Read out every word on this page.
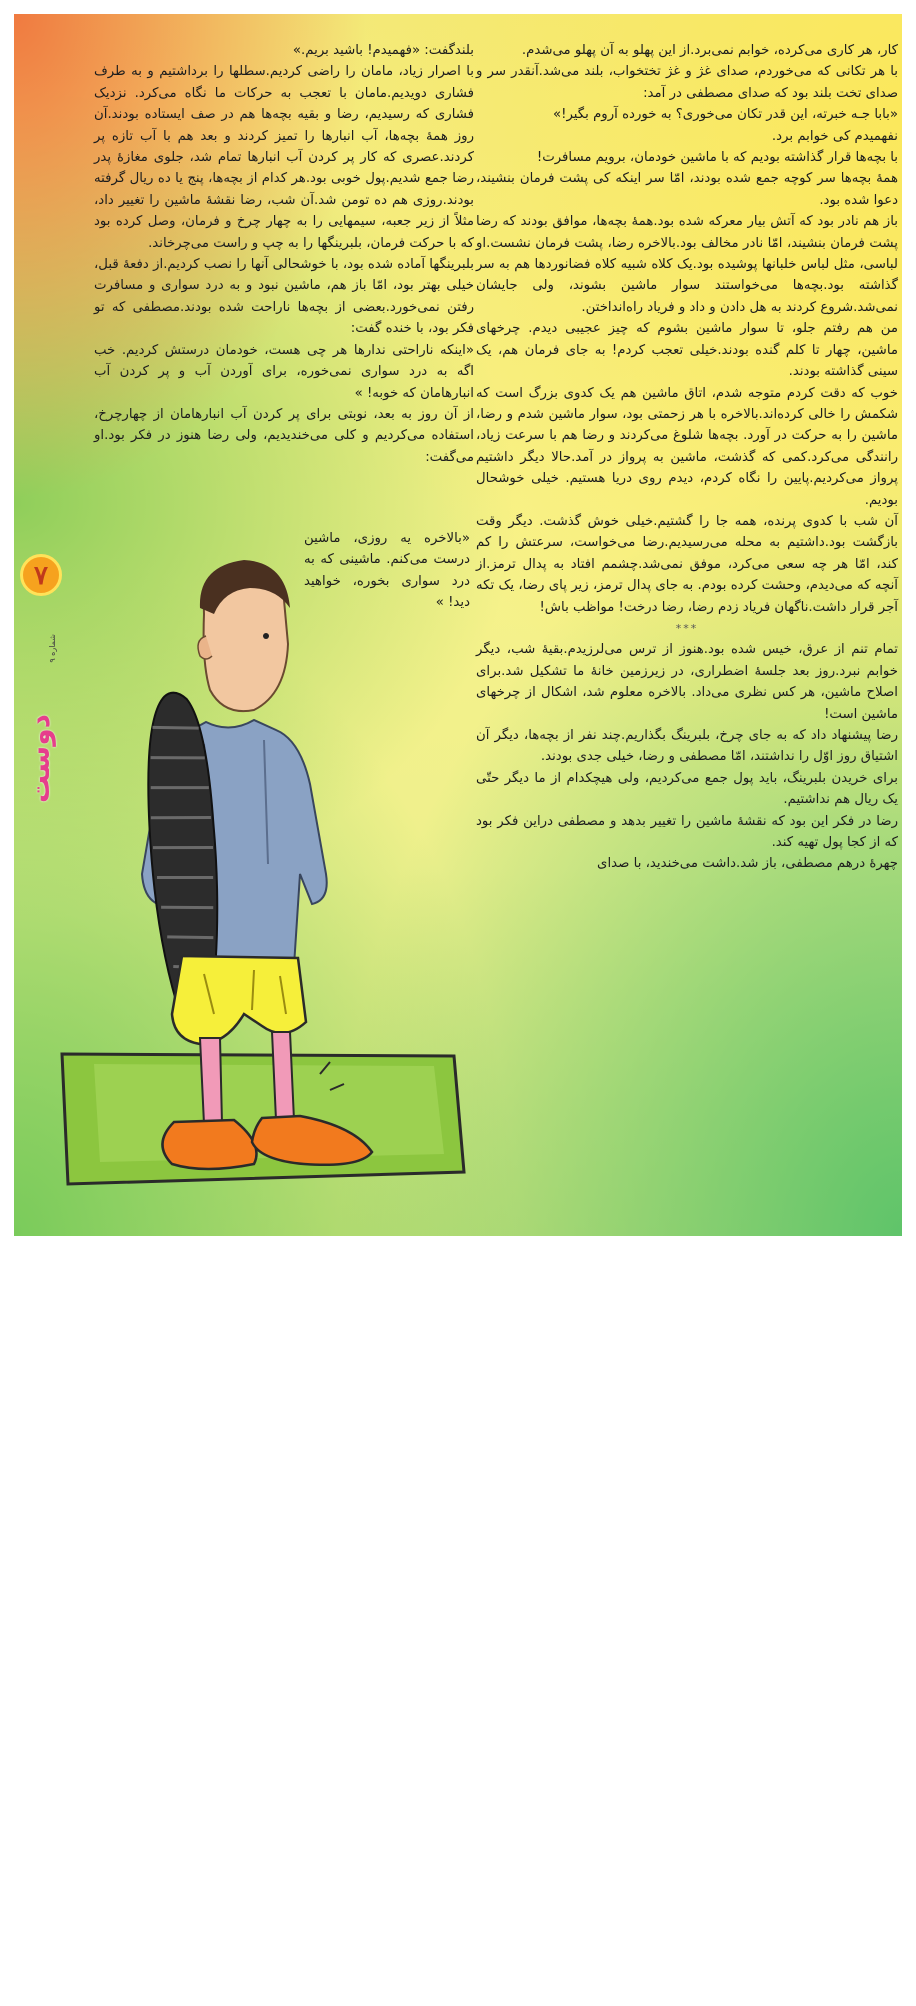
کار، هر کاری می‌کرده، خوابم نمی‌برد.از این پهلو به آن پهلو می‌شدم.

با هر تکانی که می‌خوردم، صدای غژ و غژ تختخواب، بلند می‌شد.آنقدر سر و صدای تخت بلند بود که صدای مصطفی در آمد:

«بابا جـه خبرته، این قدر تکان می‌خوری؟ به خورده آروم بگیر!»

نفهمیدم کی خوابم برد.

با بچه‌ها قرار گذاشته بودیم که با ماشین خودمان، برویم مسافرت!

همهٔ بچه‌ها سر کوچه جمع شده بودند، امّا سر اینکه کی پشت فرمان بنشیند، دعوا شده بود.

باز هم نادر بود که آتش بیار معرکه شده بود.همهٔ بچه‌ها، موافق بودند که رضا پشت فرمان بنشیند، امّا نادر مخالف بود.بالاخره رضا، پشت فرمان نشست.او لباسی، مثل لباس خلبانها پوشیده بود.یک کلاه شبیه کلاه فضانوردها هم به سر گذاشته بود.بچه‌ها می‌خواستند سوار ماشین بشوند، ولی جایشان نمی‌شد.شروع کردند به هل دادن و داد و فریاد راه‌انداختن.

من هم رفتم جلو، تا سوار ماشین بشوم که چیز عجیبی دیدم. چرخهای ماشین، چهار تا کلم گنده بودند.خیلی تعجب کردم! به جای فرمان هم، یک سینی گذاشته بودند.

خوب که دقت کردم متوجه شدم، اتاق ماشین هم یک کدوی بزرگ است که شکمش را خالی کرده‌اند.بالاخره با هر زحمتی بود، سوار ماشین شدم و رضا، ماشین را به حرکت در آورد. بچه‌ها شلوغ می‌کردند و رضا هم با سرعت زیاد، رانندگی می‌کرد.کمی که گذشت، ماشین به پرواز در آمد.حالا دیگر داشتیم پرواز می‌کردیم.پایین را نگاه کردم، دیدم روی دریا هستیم. خیلی خوشحال بودیم.

آن شب با کدوی پرنده، همه جا را گشتیم.خیلی خوش گذشت. دیگر وقت بازگشت بود.داشتیم به محله می‌رسیدیم.رضا می‌خواست، سرعتش را کم کند، امّا هر چه سعی می‌کرد، موفق نمی‌شد.چشمم افتاد به پدال ترمز.از آنچه که می‌دیدم، وحشت کرده بودم. به جای پدال ترمز، زیر پای رضا، یک تکه آجر قرار داشت.ناگهان فریاد زدم رضا، رضا درخت! مواظب باش!

***

تمام تنم از عرق، خیس شده بود.هنوز از ترس می‌لرزیدم.بقیهٔ شب، دیگر خوابم نبرد.روز بعد جلسهٔ اضطراری، در زیرزمین خانهٔ ما تشکیل شد.برای اصلاح ماشین، هر کس نظری می‌داد. بالاخره معلوم شد، اشکال از چرخهای ماشین است!

رضا پیشنهاد داد که به جای چرخ، بلبرینگ بگذاریم.چند نفر از بچه‌ها، دیگر آن اشتیاق روز اوّل را نداشتند، امّا مصطفی و رضا، خیلی جدی بودند.

برای خریدن بلبرینگ، باید پول جمع می‌کردیم، ولی هیچکدام از ما دیگر حتّی یک ریال هم نداشتیم.

رضا در فکر این بود که نقشهٔ ماشین را تغییر بدهد و مصطفی دراین فکر بود که از کجا پول تهیه کند.

چهرهٔ درهم مصطفی، باز شد.داشت می‌خندید، با صدای

بلندگفت: «فهمیدم! باشید بریم.»

با اصرار زیاد، مامان را راضی کردیم.سطلها را برداشتیم و به طرف فشاری دویدیم.مامان با تعجب به حرکات ما نگاه می‌کرد. نزدیک فشاری که رسیدیم، رضا و بقیه بچه‌ها هم در صف ایستاده بودند.آن روز همهٔ بچه‌ها، آب انبارها را تمیز کردند و بعد هم با آب تازه پر کردند.عصری که کار پر کردن آب انبارها تمام شد، جلوی مغازهٔ پدر رضا جمع شدیم.پول خوبی بود.هر کدام از بچه‌ها، پنج یا ده ریال گرفته بودند.روزی هم ده تومن شد.آن شب، رضا نقشهٔ ماشین را تغییر داد، مثلاً از زیر جعبه، سیمهایی را به چهار چرخ و فرمان، وصل کرده بود که با حرکت فرمان، بلبرینگها را به چپ و راست می‌چرخاند.

بلبرینگها آماده شده بود، با خوشحالی آنها را نصب کردیم.از دفعهٔ قبل، خیلی بهتر بود، امّا باز هم، ماشین نبود و به درد سواری و مسافرت رفتن نمی‌خورد.بعضی از بچه‌ها ناراحت شده بودند.مصطفی که تو فکر بود، با خنده گفت:

«اینکه ناراحتی ندارها هر چی هست، خودمان درستش کردیم. خب اگه به درد سواری نمی‌خوره، برای آوردن آب و پر کردن آب انبارهامان که خوبه! »

از آن روز به بعد، نوبتی برای پر کردن آب انبارهامان از چهارچرخ، استفاده می‌کردیم و کلی می‌خندیدیم، ولی رضا هنوز در فکر بود.او می‌گفت:

«بالاخره یه روزی، ماشین درست می‌کنم. ماشینی که به درد سواری بخوره، خواهید دید! »

۷
شماره ۹
دوست
